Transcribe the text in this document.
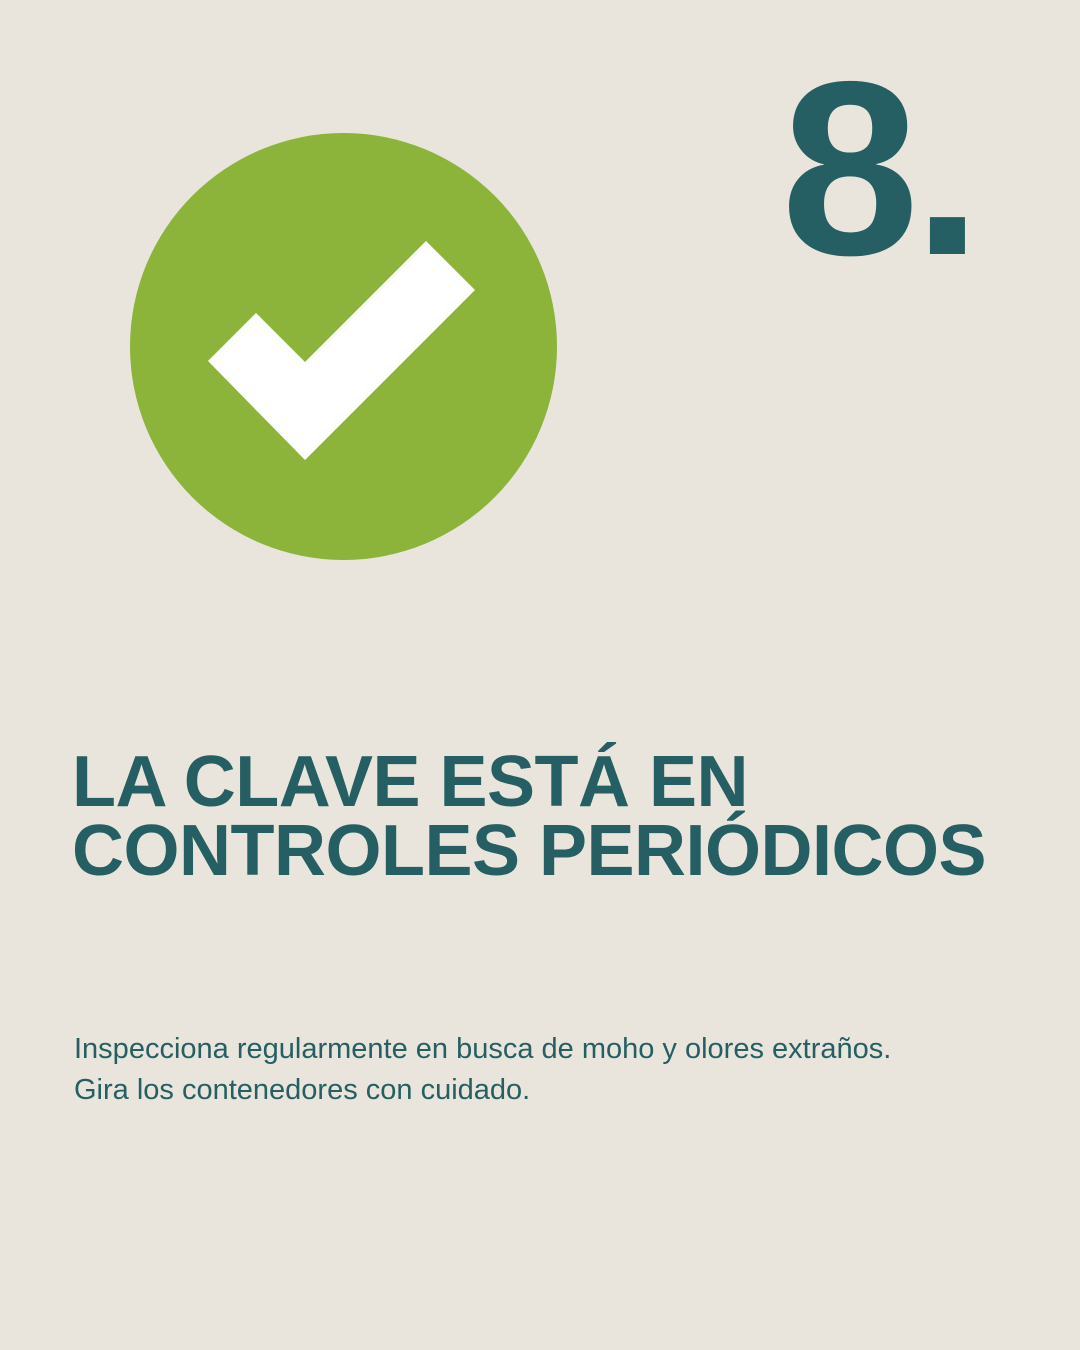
8.
LA CLAVE ESTÁ EN CONTROLES PERIÓDICOS

Inspecciona regularmente en busca de moho y olores extraños. Gira los contenedores con cuidado.
